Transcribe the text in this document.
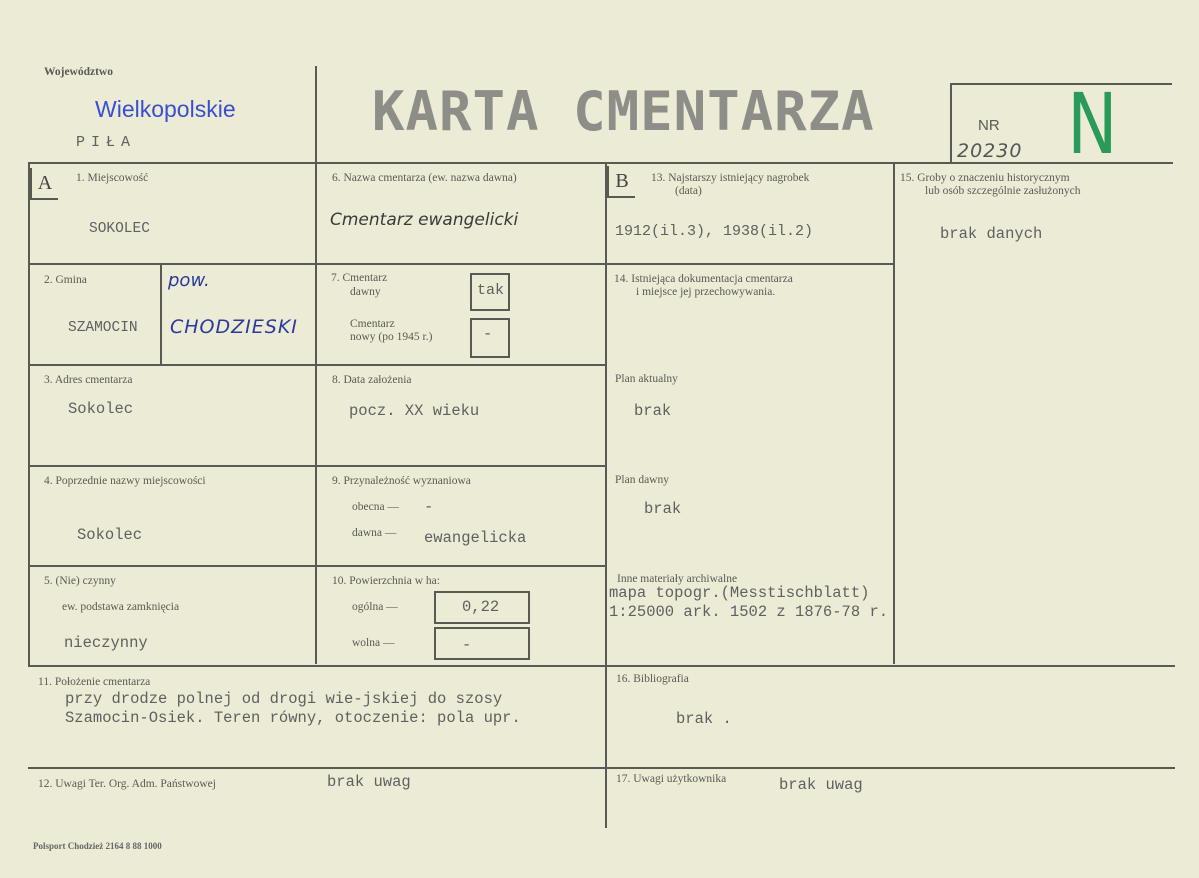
Województwo
Wielkopolskie
PIŁA	KARTA CMENTARZA	NR
20230 N
A	B
1. Miejscowość
SOKOLEC
2. Gmina	pow.
SZAMOCIN CHODZIESKI
3. Adres cmentarza
Sokolec
4. Poprzednie nazwy miejscowości
Sokolec
5. (Nie) czynny
ew. podstawa zamknięcia
nieczynny
6. Nazwa cmentarza (ew. nazwa dawna)
Cmentarz ewangelicki
7. Cmentarz
dawny	tak
Cmentarz
nowy (po 1945 r.)	-
8. Data założenia
pocz. XX wieku
9. Przynależność wyznaniowa
obecna — -
dawna — ewangelicka
10. Powierzchnia w ha:
ogólna —	0,22
wolna —	-
11. Położenie cmentarza
przy drodze polnej od drogi wie-jskiej do szosy
Szamocin-Osiek. Teren równy, otoczenie: pola upr.
12. Uwagi Ter. Org. Adm. Państwowej	brak uwag
13. Najstarszy istniejący nagrobek
(data)
1912(il.3), 1938(il.2)
14. Istniejąca dokumentacja cmentarza
i miejsce jej przechowywania.
Plan aktualny
brak
Plan dawny
brak
Inne materiały archiwalne
mapa topogr.(Messtischblatt)
1:25000 ark. 1502 z 1876-78 r.
15. Groby o znaczeniu historycznym
lub osób szczególnie zasłużonych
brak danych
16. Bibliografia
brak .
17. Uwagi użytkownika	brak uwag
Polsport Chodzież 2164 8 88 1000
